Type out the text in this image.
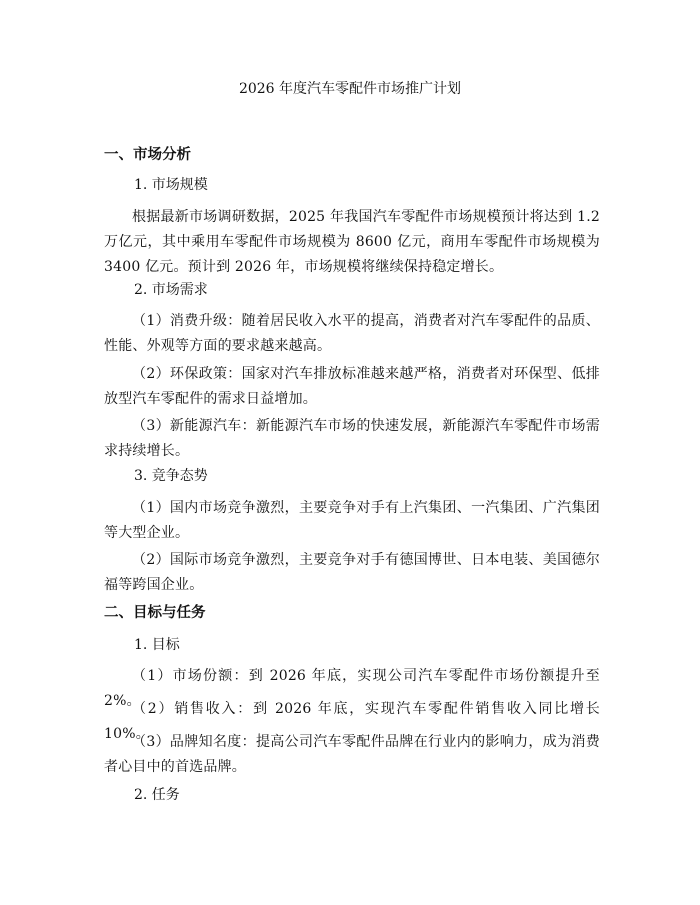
2026 年度汽车零配件市场推广计划
一、市场分析
1. 市场规模
根据最新市场调研数据，2025 年我国汽车零配件市场规模预计将达到 1.2 万亿元，其中乘用车零配件市场规模为 8600 亿元，商用车零配件市场规模为 3400 亿元。预计到 2026 年，市场规模将继续保持稳定增长。
2. 市场需求
（1）消费升级：随着居民收入水平的提高，消费者对汽车零配件的品质、性能、外观等方面的要求越来越高。
（2）环保政策：国家对汽车排放标准越来越严格，消费者对环保型、低排放型汽车零配件的需求日益增加。
（3）新能源汽车：新能源汽车市场的快速发展，新能源汽车零配件市场需求持续增长。
3. 竞争态势
（1）国内市场竞争激烈，主要竞争对手有上汽集团、一汽集团、广汽集团等大型企业。
（2）国际市场竞争激烈，主要竞争对手有德国博世、日本电装、美国德尔福等跨国企业。
二、目标与任务
1. 目标
（1）市场份额：到 2026 年底，实现公司汽车零配件市场份额提升至 2%。
（2）销售收入：到 2026 年底，实现汽车零配件销售收入同比增长 10%。
（3）品牌知名度：提高公司汽车零配件品牌在行业内的影响力，成为消费者心目中的首选品牌。
2. 任务
